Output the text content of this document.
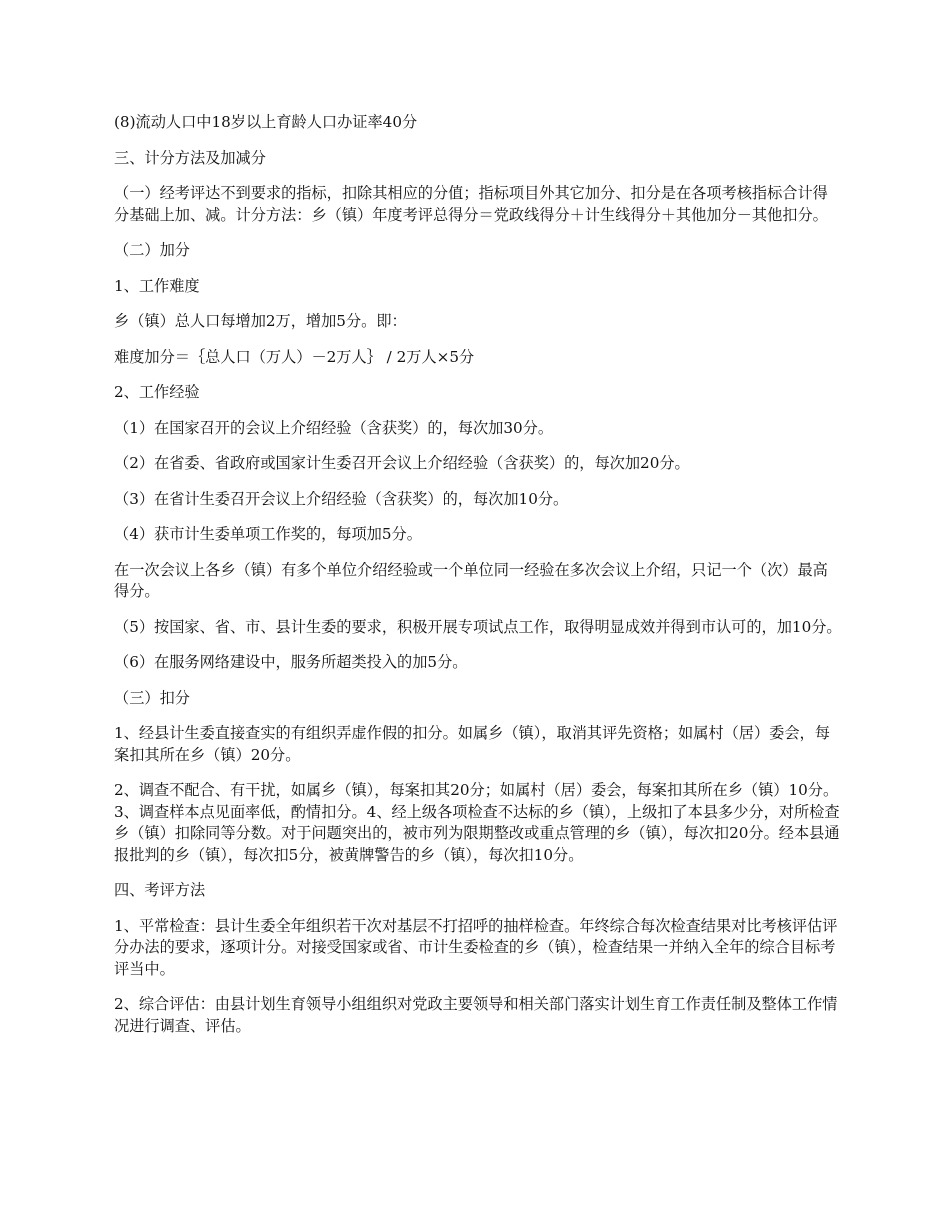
(8)流动人口中18岁以上育龄人口办证率40分

三、计分方法及加减分

（一）经考评达不到要求的指标，扣除其相应的分值；指标项目外其它加分、扣分是在各项考核指标合计得分基础上加、减。计分方法：乡（镇）年度考评总得分＝党政线得分＋计生线得分＋其他加分－其他扣分。

（二）加分

1、工作难度

乡（镇）总人口每增加2万，增加5分。即：

难度加分＝｛总人口（万人）－2万人｝ / 2万人×5分

2、工作经验

（1）在国家召开的会议上介绍经验（含获奖）的，每次加30分。

（2）在省委、省政府或国家计生委召开会议上介绍经验（含获奖）的，每次加20分。

（3）在省计生委召开会议上介绍经验（含获奖）的，每次加10分。

（4）获市计生委单项工作奖的，每项加5分。

在一次会议上各乡（镇）有多个单位介绍经验或一个单位同一经验在多次会议上介绍，只记一个（次）最高得分。

（5）按国家、省、市、县计生委的要求，积极开展专项试点工作，取得明显成效并得到市认可的，加10分。

（6）在服务网络建设中，服务所超类投入的加5分。

（三）扣分

1、经县计生委直接查实的有组织弄虚作假的扣分。如属乡（镇），取消其评先资格；如属村（居）委会，每案扣其所在乡（镇）20分。

2、调查不配合、有干扰，如属乡（镇），每案扣其20分；如属村（居）委会，每案扣其所在乡（镇）10分。3、调查样本点见面率低，酌情扣分。4、经上级各项检查不达标的乡（镇），上级扣了本县多少分，对所检查乡（镇）扣除同等分数。对于问题突出的，被市列为限期整改或重点管理的乡（镇），每次扣20分。经本县通报批判的乡（镇），每次扣5分，被黄牌警告的乡（镇），每次扣10分。

四、考评方法

1、平常检查：县计生委全年组织若干次对基层不打招呼的抽样检查。年终综合每次检查结果对比考核评估评分办法的要求，逐项计分。对接受国家或省、市计生委检查的乡（镇），检查结果一并纳入全年的综合目标考评当中。

2、综合评估：由县计划生育领导小组组织对党政主要领导和相关部门落实计划生育工作责任制及整体工作情况进行调查、评估。
